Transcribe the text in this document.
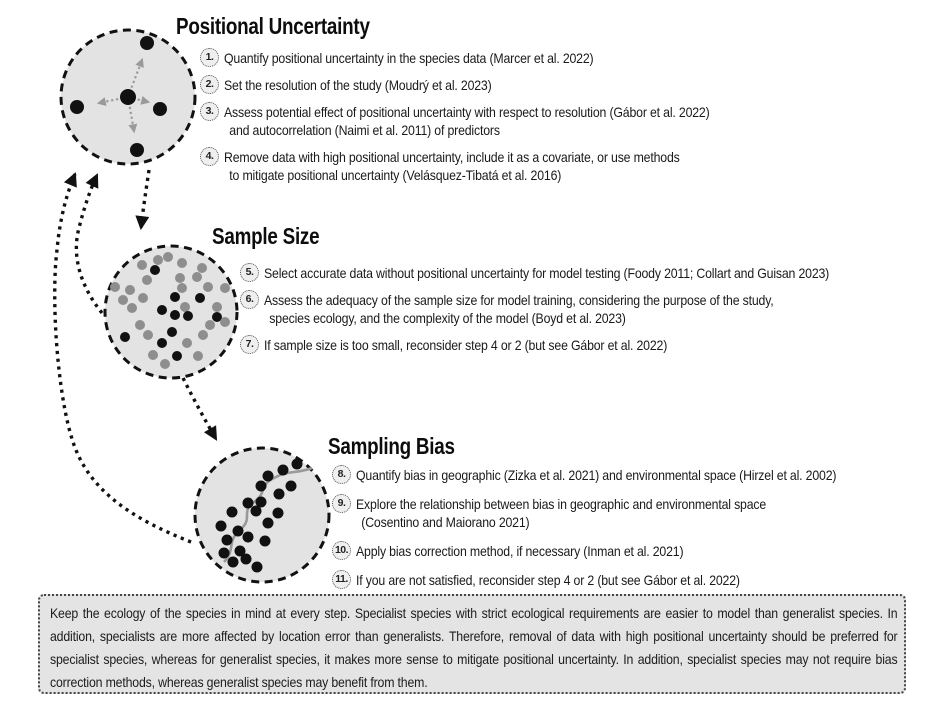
Positional Uncertainty
1. Quantify positional uncertainty in the species data (Marcer et al. 2022)
2. Set the resolution of the study (Moudrý et al. 2023)
3. Assess potential effect of positional uncertainty with respect to resolution (Gábor et al. 2022)
and autocorrelation (Naimi et al. 2011) of predictors
4. Remove data with high positional uncertainty, include it as a covariate, or use methods
to mitigate positional uncertainty (Velásquez-Tibatá et al. 2016)
Sample Size
5. Select accurate data without positional uncertainty for model testing (Foody 2011; Collart and Guisan 2023)
6. Assess the adequacy of the sample size for model training, considering the purpose of the study,
species ecology, and the complexity of the model (Boyd et al. 2023)
7. If sample size is too small, reconsider step 4 or 2 (but see Gábor et al. 2022)
Sampling Bias
8. Quantify bias in geographic (Zizka et al. 2021) and environmental space (Hirzel et al. 2002)
9. Explore the relationship between bias in geographic and environmental space
(Cosentino and Maiorano 2021)
10. Apply bias correction method, if necessary (Inman et al. 2021)
11. If you are not satisfied, reconsider step 4 or 2 (but see Gábor et al. 2022)

Keep the ecology of the species in mind at every step. Specialist species with strict ecological requirements are easier to model than generalist species. In addition, specialists are more affected by location error than generalists. Therefore, removal of data with high positional uncertainty should be preferred for specialist species, whereas for generalist species, it makes more sense to mitigate positional uncertainty. In addition, specialist species may not require bias correction methods, whereas generalist species may benefit from them.
